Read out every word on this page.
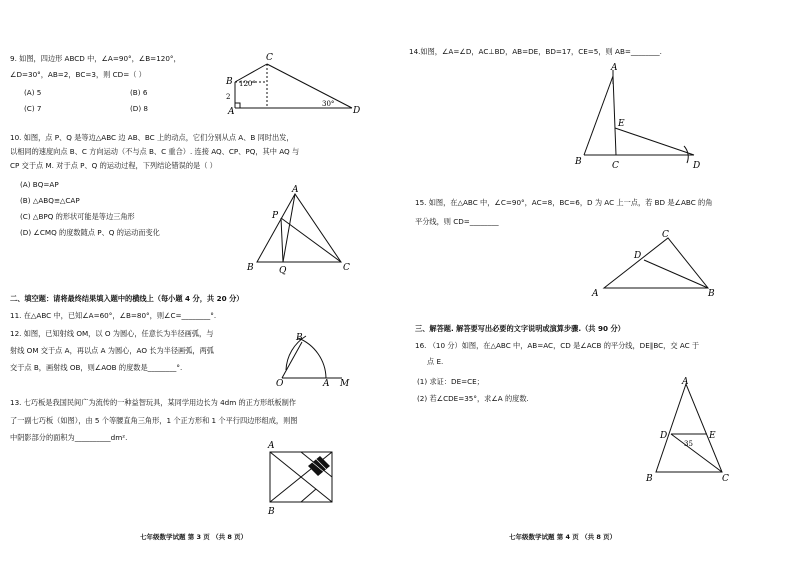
9. 如图，四边形 ABCD 中，∠A=90°，∠B=120°，
∠D=30°，AB=2，BC=3，则 CD=（ ）
(A) 5	(B) 6
(C) 7	(D) 8	A
B
C
D
120°
30°
2
10. 如图，点 P、Q 是等边△ABC 边 AB、BC 上的动点，它们分别从点 A、B 同时出发，
以相同的速度向点 B、C 方向运动（不与点 B、C 重合）. 连接 AQ、CP、PQ，其中 AQ 与
CP 交于点 M. 对于点 P、Q 的运动过程，下列结论错误的是（ ）
(A) BQ=AP
(B) △ABQ≌△CAP
(C) △BPQ 的形状可能是等边三角形
(D) ∠CMQ 的度数随点 P、Q 的运动而变化
A
B	C
P
Q
二、填空题：请将最终结果填入题中的横线上（每小题 4 分，共 20 分）
11. 在△ABC 中，已知∠A=60°，∠B=80°，则∠C=________°.
12. 如图，已知射线 OM，以 O 为圆心，任意长为半径画弧，与
射线 OM 交于点 A，再以点 A 为圆心，AO 长为半径画弧，两弧
交于点 B，画射线 OB，则∠AOB 的度数是________°.
O	A
B
M
13. 七巧板是我国民间广为流传的一种益智玩具，某同学用边长为 4dm 的正方形纸板制作
了一副七巧板（如图），由 5 个等腰直角三角形，1 个正方形和 1 个平行四边形组成，则图
中阴影部分的面积为__________dm².
A
B
七年级数学试题 第 3 页 （共 8 页）
14.如图，∠A=∠D，AC⊥BD，AB=DE，BD=17，CE=5，则 AB=________.
A
B	C	D
E
15. 如图，在△ABC 中，∠C=90°，AC=8，BC=6，D 为 AC 上一点，若 BD 是∠ABC 的角
平分线，则 CD=________
A	B
C
D
三、解答题. 解答要写出必要的文字说明或演算步骤.（共 90 分）
16. （10 分）如图，在△ABC 中，AB=AC，CD 是∠ACB 的平分线，DE∥BC，交 AC 于
点 E.
(1) 求证：DE=CE；
(2) 若∠CDE=35°，求∠A 的度数.
A
B	C
D	E
35
七年级数学试题 第 4 页 （共 8 页）
